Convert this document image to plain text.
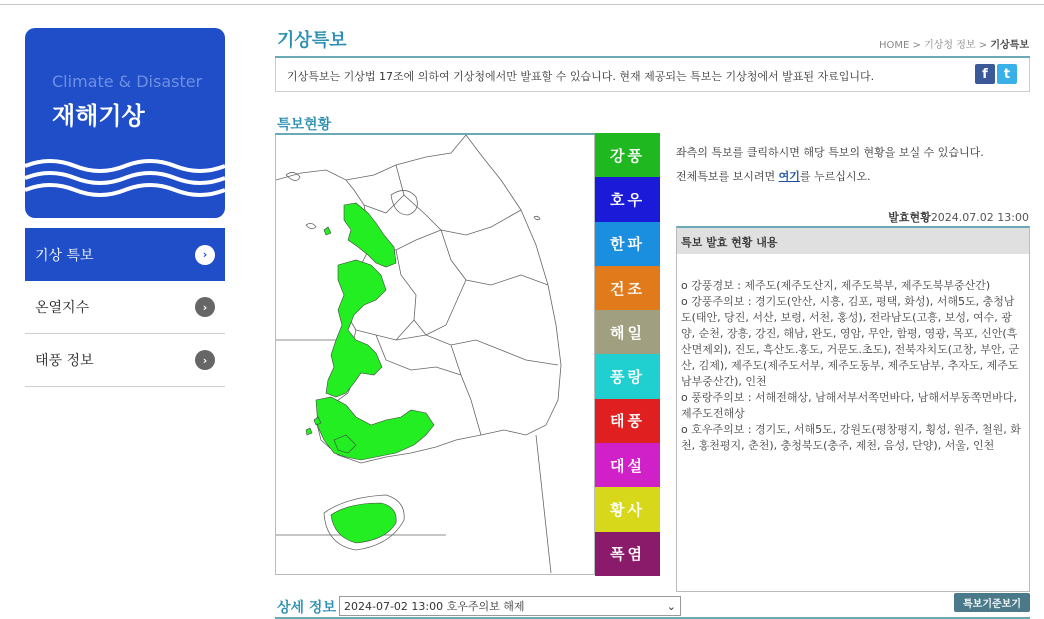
Climate & Disaster
재해기상
기상 특보	›
온열지수	›
태풍 정보	›
기상특보	HOME > 기상청 정보 > 기상특보
기상특보는 기상법 17조에 의하여 기상청에서만 발표할 수 있습니다. 현재 제공되는 특보는 기상청에서 발표된 자료입니다.	f	t
특보현황
강풍
호우
한파
건조
해일
풍랑
태풍
대설
황사
폭염
좌측의 특보를 클릭하시면 해당 특보의 현황을 보실 수 있습니다.
전체특보를 보시려면 여기를 누르십시오.
발효현황2024.07.02 13:00
특보 발효 현황 내용
o 강풍경보 : 제주도(제주도산지, 제주도북부, 제주도북부중산간)
o 강풍주의보 : 경기도(안산, 시흥, 김포, 평택, 화성), 서해5도, 충청남도(태안, 당진, 서산, 보령, 서천, 홍성), 전라남도(고흥, 보성, 여수, 광양, 순천, 장흥, 강진, 해남, 완도, 영암, 무안, 함평, 영광, 목포, 신안(흑산면제외), 진도, 흑산도.홍도, 거문도.초도), 전북자치도(고창, 부안, 군산, 김제), 제주도(제주도서부, 제주도동부, 제주도남부, 추자도, 제주도남부중산간), 인천
o 풍랑주의보 : 서해전해상, 남해서부서쪽먼바다, 남해서부동쪽먼바다, 제주도전해상
o 호우주의보 : 경기도, 서해5도, 강원도(평창평지, 횡성, 원주, 철원, 화천, 홍천평지, 춘천), 충청북도(충주, 제천, 음성, 단양), 서울, 인천
상세 정보 2024-07-02 13:00 호우주의보 해제	⌄	특보기준보기
